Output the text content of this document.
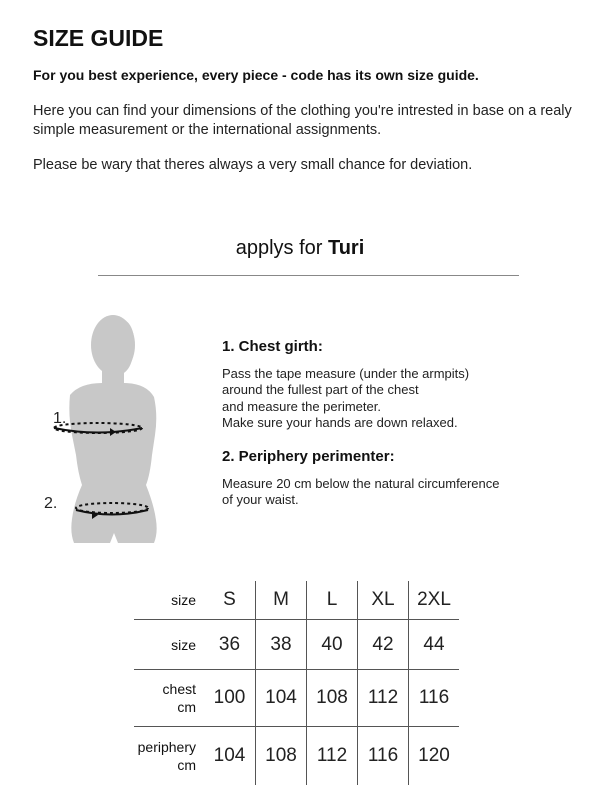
SIZE GUIDE
For you best experience, every piece - code has its own size guide.
Here you can find your dimensions of the clothing you're intrested in base on a realy simple measurement or the international assignments.
Please be wary that theres always a very small chance for deviation.
applys for Turi
1.
2.
1. Chest girth:
Pass the tape measure (under the armpits)
around the fullest part of the chest
and measure the perimeter.
Make sure your hands are down relaxed.
2. Periphery perimenter:
Measure 20 cm below the natural circumference
of your waist.
size	S	M	L	XL	2XL
size	36	38	40	42	44
chest
cm	100	104	108	112	116
periphery
cm	104	108	112	116	120
